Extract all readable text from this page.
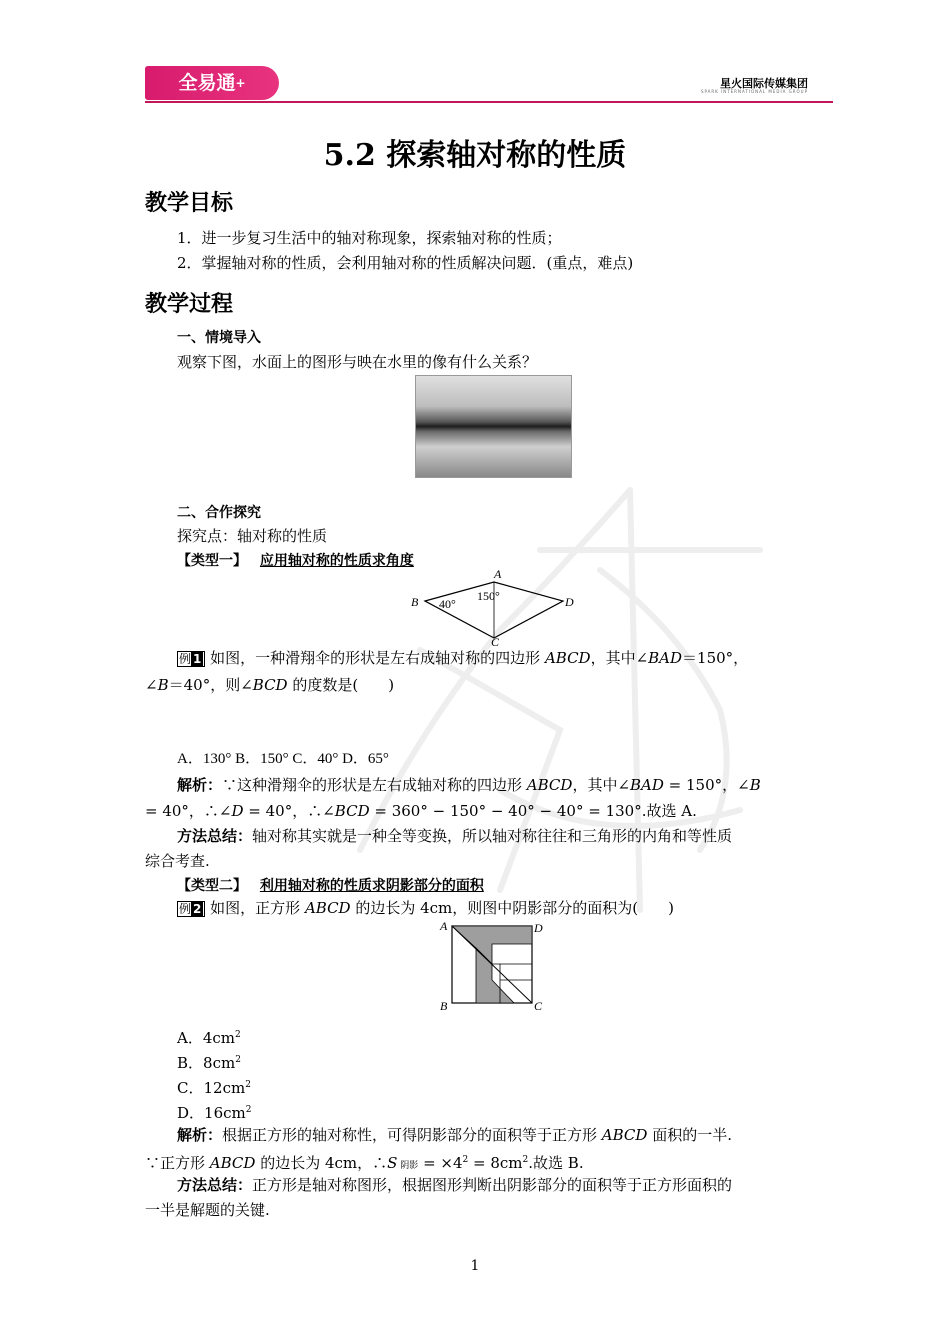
全易通+	星火国际传媒集团
SPARK INTERNATIONAL MEDIA GROUP
5.2 探索轴对称的性质
教学目标
1．进一步复习生活中的轴对称现象，探索轴对称的性质；
2．掌握轴对称的性质，会利用轴对称的性质解决问题．(重点，难点)
教学过程
一、情境导入
观察下图，水面上的图形与映在水里的像有什么关系？
二、合作探究
探究点：轴对称的性质
【类型一】 应用轴对称的性质求角度
A
B
C
D
40°
150°
例 1 如图，一种滑翔伞的形状是左右成轴对称的四边形 ABCD，其中∠BAD＝150°，
∠B＝40°，则∠BCD 的度数是(　　)
A．130° B．150° C．40° D．65°
解析：∵这种滑翔伞的形状是左右成轴对称的四边形 ABCD，其中∠BAD = 150°，∠B
= 40°，∴∠D = 40°，∴∠BCD = 360° − 150° − 40° − 40° = 130°.故选 A.
方法总结：轴对称其实就是一种全等变换，所以轴对称往往和三角形的内角和等性质
综合考查.
【类型二】 利用轴对称的性质求阴影部分的面积
例 2 如图，正方形 ABCD 的边长为 4cm，则图中阴影部分的面积为(　　)
A	D
B	C
A．$4cm^2$
B．$8cm^2$
C．$12cm^2$
D．$16cm^2$
解析：根据正方形的轴对称性，可得阴影部分的面积等于正方形 ABCD 面积的一半.
∵正方形 ABCD 的边长为 4cm，∴S 阴影 = $\times 4^2 = 8cm^2$.故选 B.
方法总结：正方形是轴对称图形，根据图形判断出阴影部分的面积等于正方形面积的
一半是解题的关键.
1
